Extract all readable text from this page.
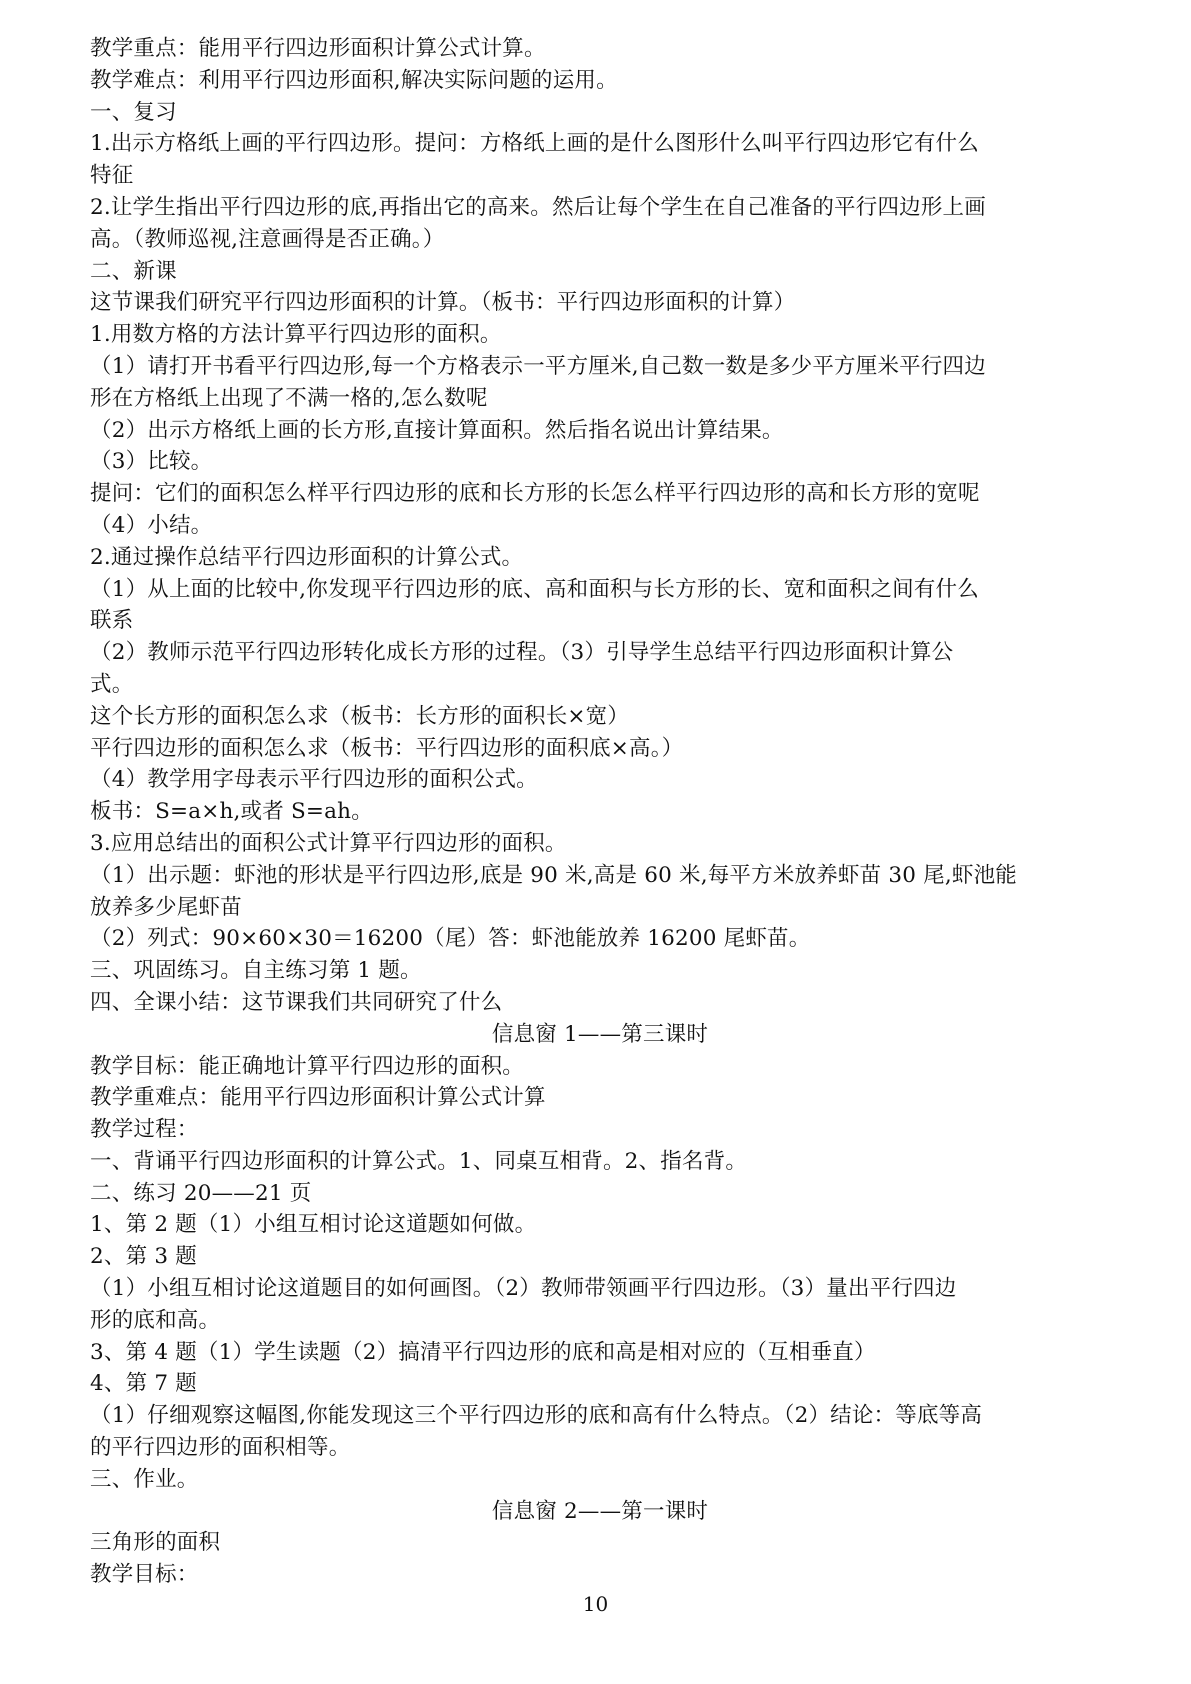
教学重点：能用平行四边形面积计算公式计算。
教学难点：利用平行四边形面积,解决实际问题的运用。
一、复习
1.出示方格纸上画的平行四边形。提问：方格纸上画的是什么图形什么叫平行四边形它有什么
特征
2.让学生指出平行四边形的底,再指出它的高来。然后让每个学生在自己准备的平行四边形上画
高。（教师巡视,注意画得是否正确。）
二、新课
这节课我们研究平行四边形面积的计算。（板书：平行四边形面积的计算）
1.用数方格的方法计算平行四边形的面积。
（1）请打开书看平行四边形,每一个方格表示一平方厘米,自己数一数是多少平方厘米平行四边
形在方格纸上出现了不满一格的,怎么数呢
（2）出示方格纸上画的长方形,直接计算面积。然后指名说出计算结果。
（3）比较。
提问：它们的面积怎么样平行四边形的底和长方形的长怎么样平行四边形的高和长方形的宽呢
（4）小结。
2.通过操作总结平行四边形面积的计算公式。
（1）从上面的比较中,你发现平行四边形的底、高和面积与长方形的长、宽和面积之间有什么
联系
（2）教师示范平行四边形转化成长方形的过程。（3）引导学生总结平行四边形面积计算公
式。
这个长方形的面积怎么求（板书：长方形的面积长×宽）
平行四边形的面积怎么求（板书：平行四边形的面积底×高。）
（4）教学用字母表示平行四边形的面积公式。
板书：S=a×h,或者 S=ah。
3.应用总结出的面积公式计算平行四边形的面积。
（1）出示题：虾池的形状是平行四边形,底是 90 米,高是 60 米,每平方米放养虾苗 30 尾,虾池能
放养多少尾虾苗
（2）列式：90×60×30＝16200（尾）答：虾池能放养 16200 尾虾苗。
三、巩固练习。自主练习第 1 题。
四、全课小结：这节课我们共同研究了什么
信息窗 1——第三课时
教学目标：能正确地计算平行四边形的面积。
教学重难点：能用平行四边形面积计算公式计算
教学过程：
一、背诵平行四边形面积的计算公式。1、同桌互相背。2、指名背。
二、练习 20——21 页
1、第 2 题（1）小组互相讨论这道题如何做。
2、第 3 题
（1）小组互相讨论这道题目的如何画图。（2）教师带领画平行四边形。（3）量出平行四边
形的底和高。
3、第 4 题（1）学生读题（2）搞清平行四边形的底和高是相对应的（互相垂直）
4、第 7 题
（1）仔细观察这幅图,你能发现这三个平行四边形的底和高有什么特点。（2）结论：等底等高
的平行四边形的面积相等。
三、作业。
信息窗 2——第一课时
三角形的面积
教学目标：
10
